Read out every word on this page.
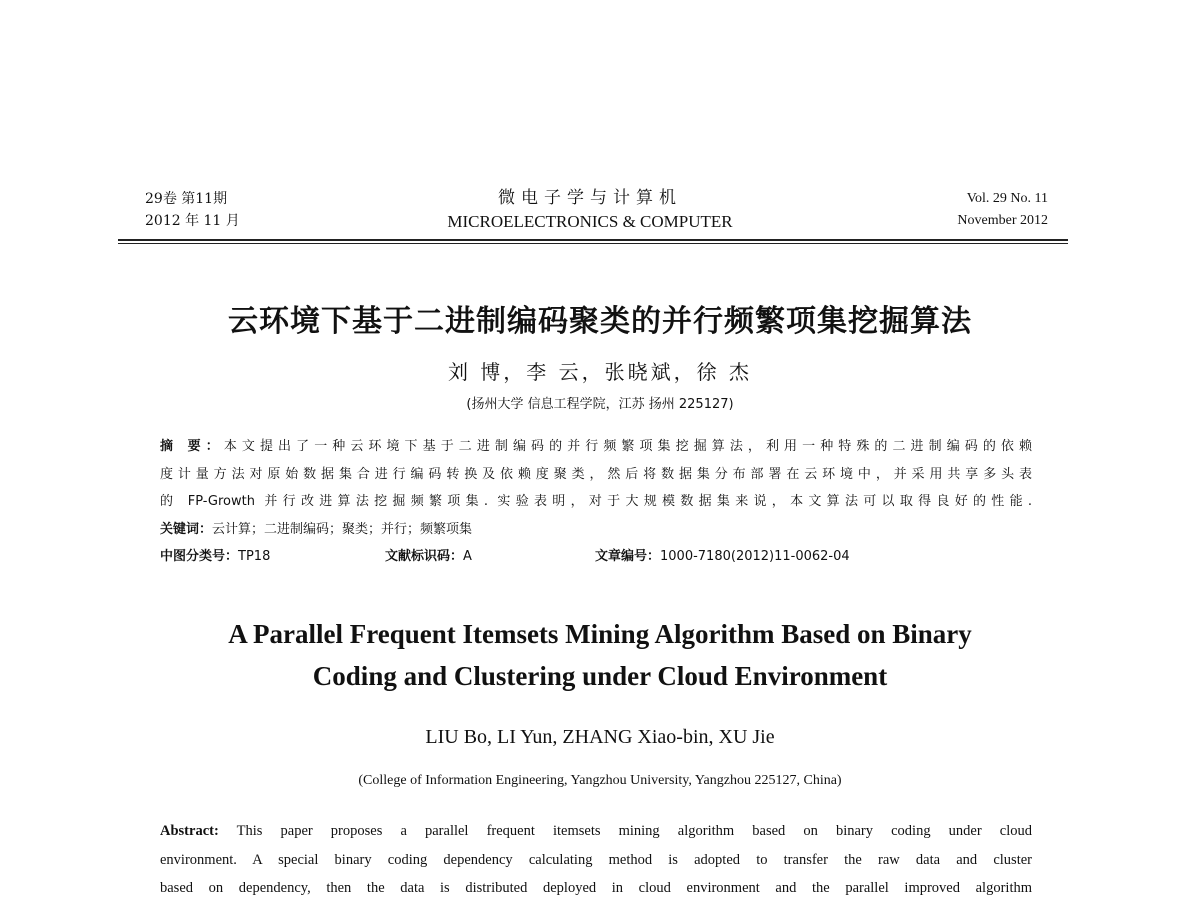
29卷 第11期
2012 年 11 月
微电子学与计算机
MICROELECTRONICS & COMPUTER
Vol. 29 No. 11
November 2012
云环境下基于二进制编码聚类的并行频繁项集挖掘算法
刘 博，李 云，张晓斌，徐 杰
(扬州大学 信息工程学院，江苏 扬州 225127)
摘 要：本文提出了一种云环境下基于二进制编码的并行频繁项集挖掘算法，利用一种特殊的二进制编码的依赖
度计量方法对原始数据集合进行编码转换及依赖度聚类，然后将数据集分布部署在云环境中，并采用共享多头表
的 FP-Growth 并行改进算法挖掘频繁项集. 实验表明，对于大规模数据集来说，本文算法可以取得良好的性能.
关键词：云计算；二进制编码；聚类；并行；频繁项集
中图分类号：TP18	文献标识码：A	文章编号：1000-7180(2012)11-0062-04
A Parallel Frequent Itemsets Mining Algorithm Based on Binary
Coding and Clustering under Cloud Environment
LIU Bo, LI Yun, ZHANG Xiao-bin, XU Jie
(College of Information Engineering, Yangzhou University, Yangzhou 225127, China)
Abstract: This paper proposes a parallel frequent itemsets mining algorithm based on binary coding under cloud
environment. A special binary coding dependency calculating method is adopted to transfer the raw data and cluster
based on dependency, then the data is distributed deployed in cloud environment and the parallel improved algorithm
